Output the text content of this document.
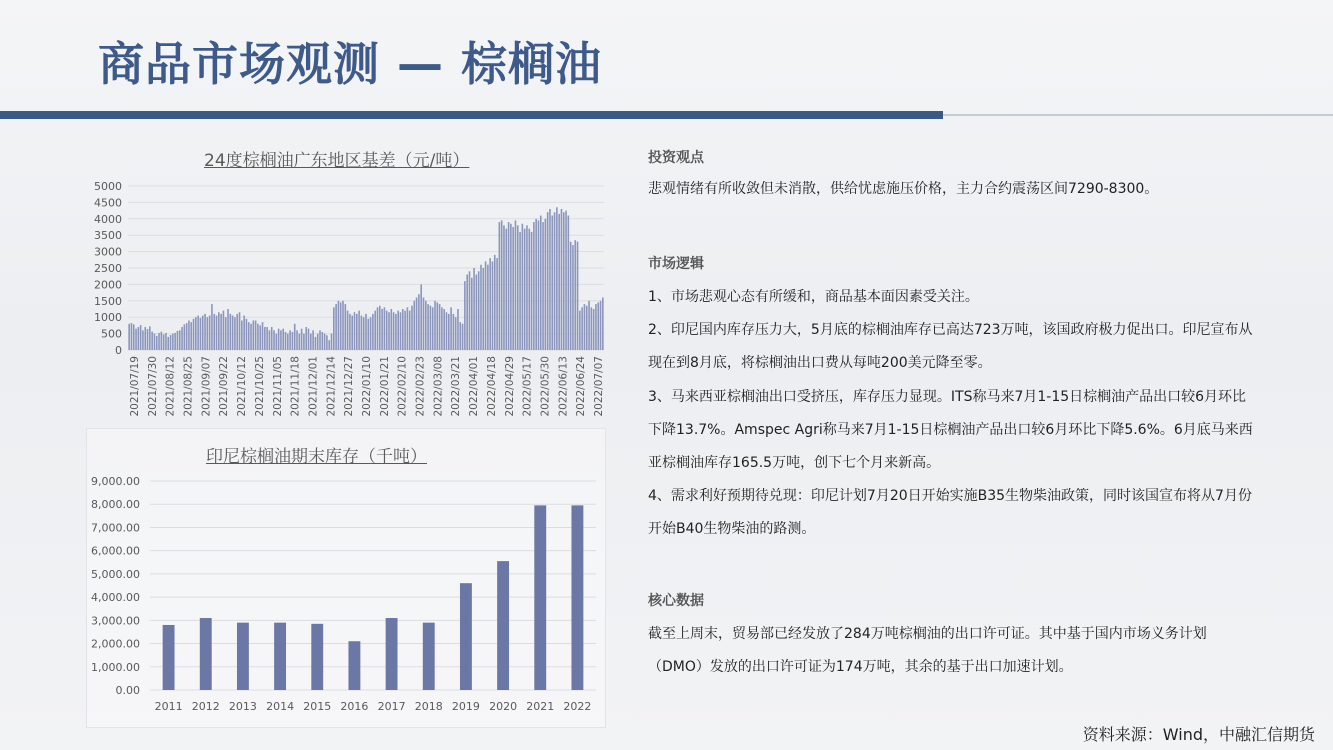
商品市场观测 — 棕榈油
24度棕榈油广东地区基差（元/吨）
0
500
1000
1500
2000
2500
3000
3500
4000
4500
5000
2021/07/19 2021/07/30 2021/08/12 2021/08/25 2021/09/07 2021/09/22 2021/10/12 2021/10/25 2021/11/05 2021/11/18 2021/12/01 2021/12/14 2021/12/27 2022/01/10 2022/01/21 2022/02/10 2022/02/23 2022/03/08 2022/03/21 2022/04/01 2022/04/18 2022/04/29 2022/05/17 2022/05/30 2022/06/13 2022/06/24 2022/07/07
印尼棕榈油期末库存（千吨）
0.00
1,000.00
2,000.00
3,000.00
4,000.00
5,000.00
6,000.00
7,000.00
8,000.00
9,000.00
2011 2012 2013 2014 2015 2016 2017 2018 2019 2020 2021 2022
投资观点
悲观情绪有所收敛但未消散，供给忧虑施压价格，主力合约震荡区间7290-8300。
市场逻辑
1、市场悲观心态有所缓和，商品基本面因素受关注。
2、印尼国内库存压力大，5月底的棕榈油库存已高达723万吨，该国政府极力促出口。印尼宣布从现在到8月底，将棕榈油出口费从每吨200美元降至零。
3、马来西亚棕榈油出口受挤压，库存压力显现。ITS称马来7月1-15日棕榈油产品出口较6月环比下降13.7%。Amspec Agri称马来7月1-15日棕榈油产品出口较6月环比下降5.6%。6月底马来西亚棕榈油库存165.5万吨，创下七个月来新高。
4、需求利好预期待兑现：印尼计划7月20日开始实施B35生物柴油政策，同时该国宣布将从7月份开始B40生物柴油的路测。
核心数据
截至上周末，贸易部已经发放了284万吨棕榈油的出口许可证。其中基于国内市场义务计划（DMO）发放的出口许可证为174万吨，其余的基于出口加速计划。
资料来源：Wind，中融汇信期货
